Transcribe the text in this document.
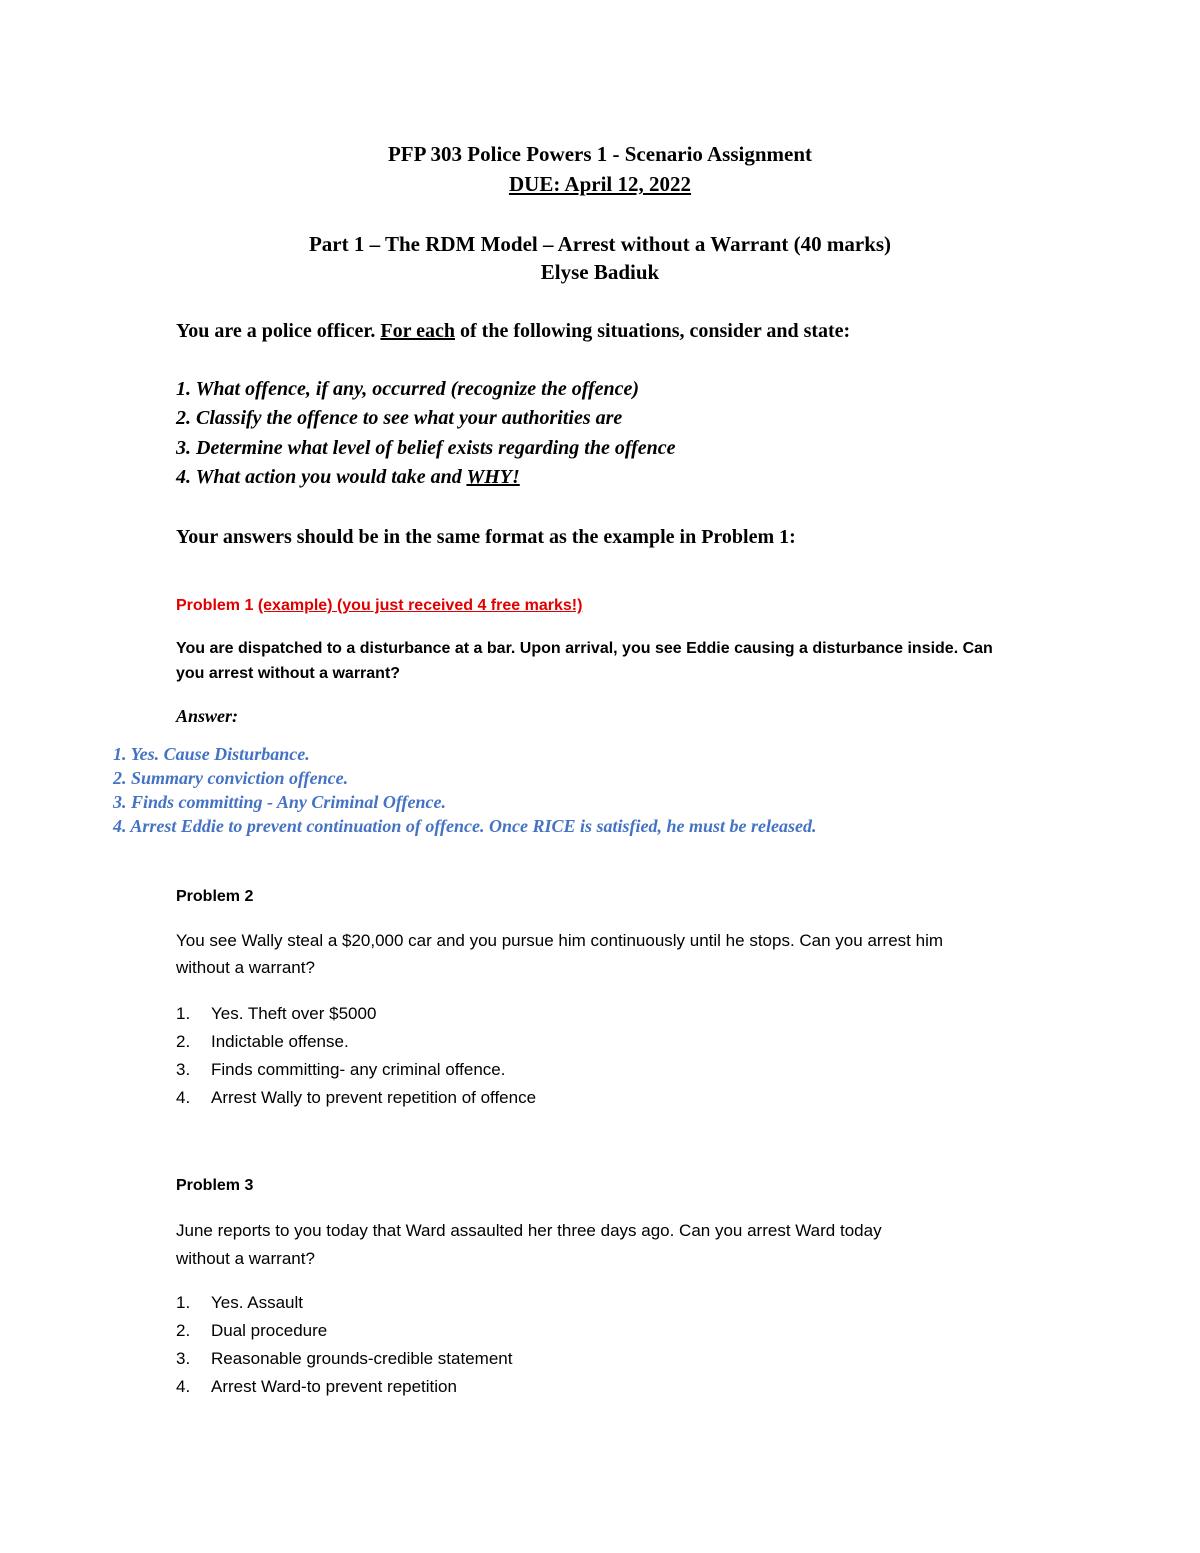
PFP 303 Police Powers 1 - Scenario Assignment
DUE: April 12, 2022
Part 1 – The RDM Model – Arrest without a Warrant (40 marks)
Elyse Badiuk
You are a police officer. For each of the following situations, consider and state:
1. What offence, if any, occurred (recognize the offence)
2. Classify the offence to see what your authorities are
3. Determine what level of belief exists regarding the offence
4. What action you would take and WHY!
Your answers should be in the same format as the example in Problem 1:
Problem 1 (example) (you just received 4 free marks!)
You are dispatched to a disturbance at a bar. Upon arrival, you see Eddie causing a disturbance inside. Can
you arrest without a warrant?
Answer:
1. Yes. Cause Disturbance.
2. Summary conviction offence.
3. Finds committing - Any Criminal Offence.
4. Arrest Eddie to prevent continuation of offence. Once RICE is satisfied, he must be released.
Problem 2
You see Wally steal a $20,000 car and you pursue him continuously until he stops. Can you arrest him
without a warrant?
1. Yes. Theft over $5000
2. Indictable offense.
3. Finds committing- any criminal offence.
4. Arrest Wally to prevent repetition of offence
Problem 3
June reports to you today that Ward assaulted her three days ago. Can you arrest Ward today
without a warrant?
1. Yes. Assault
2. Dual procedure
3. Reasonable grounds-credible statement
4. Arrest Ward-to prevent repetition
